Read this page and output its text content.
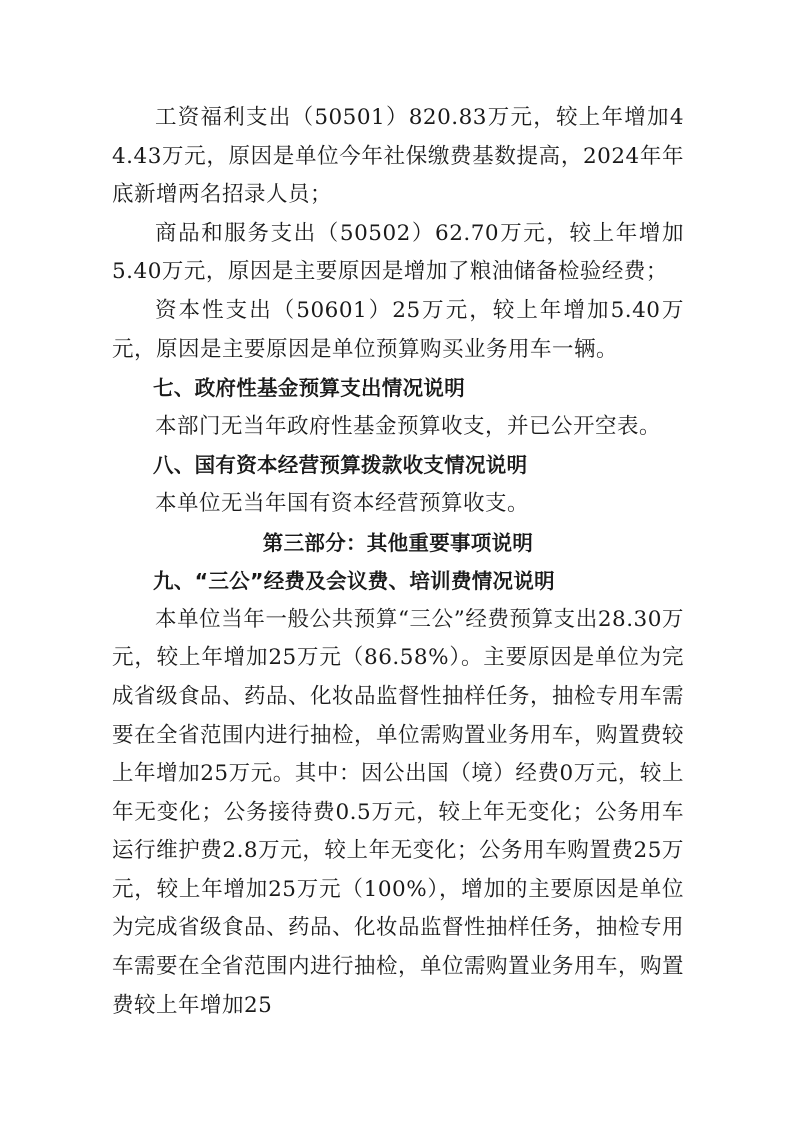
工资福利支出（50501）820.83万元，较上年增加44.43万元，原因是单位今年社保缴费基数提高，2024年年底新增两名招录人员；

商品和服务支出（50502）62.70万元，较上年增加5.40万元，原因是主要原因是增加了粮油储备检验经费；

资本性支出（50601）25万元，较上年增加5.40万元，原因是主要原因是单位预算购买业务用车一辆。

七、政府性基金预算支出情况说明

本部门无当年政府性基金预算收支，并已公开空表。

八、国有资本经营预算拨款收支情况说明

本单位无当年国有资本经营预算收支。

第三部分：其他重要事项说明

九、“三公”经费及会议费、培训费情况说明

本单位当年一般公共预算“三公”经费预算支出28.30万元，较上年增加25万元（86.58%）。主要原因是单位为完成省级食品、药品、化妆品监督性抽样任务，抽检专用车需要在全省范围内进行抽检，单位需购置业务用车，购置费较上年增加25万元。其中：因公出国（境）经费0万元，较上年无变化；公务接待费0.5万元，较上年无变化；公务用车运行维护费2.8万元，较上年无变化；公务用车购置费25万元，较上年增加25万元（100%），增加的主要原因是单位为完成省级食品、药品、化妆品监督性抽样任务，抽检专用车需要在全省范围内进行抽检，单位需购置业务用车，购置费较上年增加25
